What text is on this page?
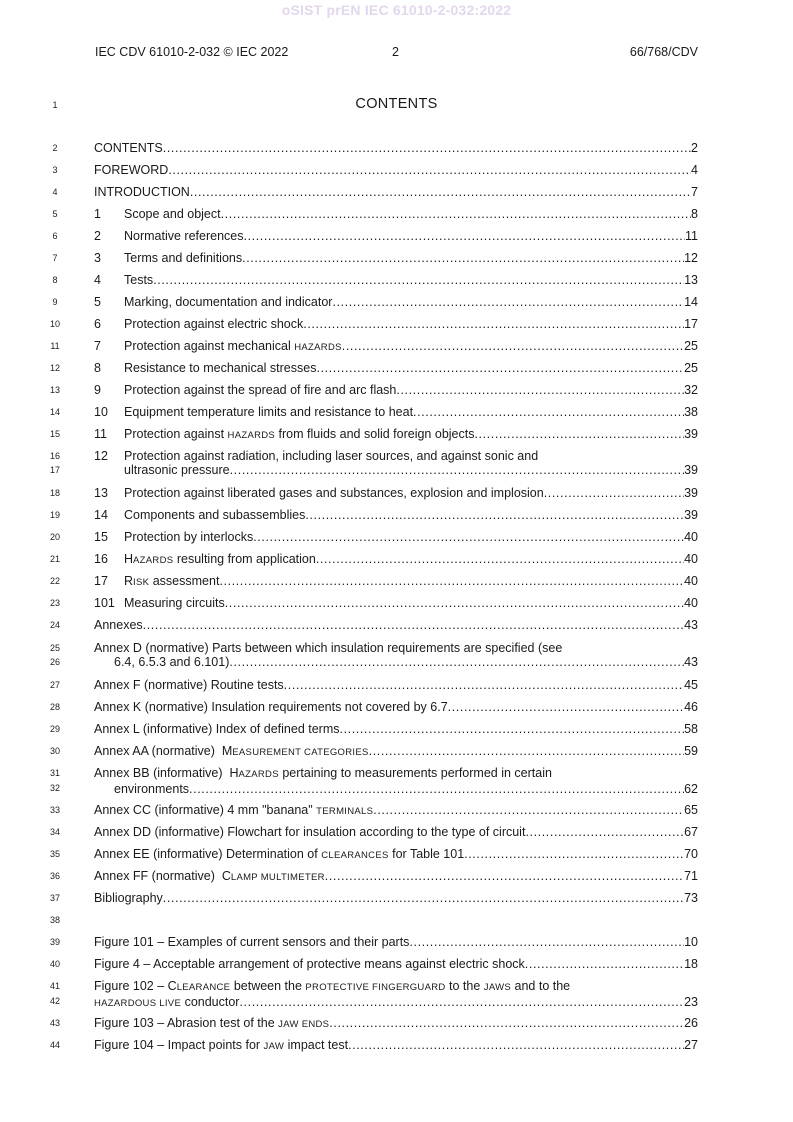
oSIST prEN IEC 61010-2-032:2022
IEC CDV 61010-2-032 © IEC 2022	2	66/768/CDV
CONTENTS
1
2
3
4
5
6
7
8
9
10
11
12
13
14
15
16
17
18
19
20
21
22
23
24
25
26
27
28
29
30
31
32
33
34
35
36
37
38
39
40
41
42
43
44
CONTENTS .....	2
FOREWORD .....	4
INTRODUCTION .....	7
1	Scope and object .....	8
2	Normative references .....	11
3	Terms and definitions .....	12
4	Tests .....	13
5	Marking, documentation and indicator .....	14
6	Protection against electric shock .....	17
7	Protection against mechanical HAZARDS .....	25
8	Resistance to mechanical stresses .....	25
9	Protection against the spread of fire and arc flash .....	32
10	Equipment temperature limits and resistance to heat .....	38
11	Protection against HAZARDS from fluids and solid foreign objects .....	39
12	Protection against radiation, including laser sources, and against sonic and
ultrasonic pressure .....	39
13	Protection against liberated gases and substances, explosion and implosion .....	39
14	Components and subassemblies .....	39
15	Protection by interlocks .....	40
16	HAZARDS resulting from application .....	40
17	RISK assessment .....	40
101 Measuring circuits .....	40
Annexes .....	43
Annex D (normative) Parts between which insulation requirements are specified (see
6.4, 6.5.3 and 6.101) .....	43
Annex F (normative) Routine tests .....	45
Annex K (normative) Insulation requirements not covered by 6.7 .....	46
Annex L (informative) Index of defined terms .....	58
Annex AA (normative) MEASUREMENT CATEGORIES .....	59
Annex BB (informative) HAZARDS pertaining to measurements performed in certain
environments .....	62
Annex CC (informative) 4 mm "banana" TERMINALS .....	65
Annex DD (informative) Flowchart for insulation according to the type of circuit .....	67
Annex EE (informative) Determination of CLEARANCES for Table 101 .....	70
Annex FF (normative) CLAMP MULTIMETER .....	71
Bibliography .....	73
Figure 101 – Examples of current sensors and their parts .....	10
Figure 4 – Acceptable arrangement of protective means against electric shock .....	18
Figure 102 – CLEARANCE between the PROTECTIVE FINGERGUARD to the JAWS and to the
HAZARDOUS LIVE conductor .....	23
Figure 103 – Abrasion test of the JAW ENDS .....	26
Figure 104 – Impact points for JAW impact test .....	27
